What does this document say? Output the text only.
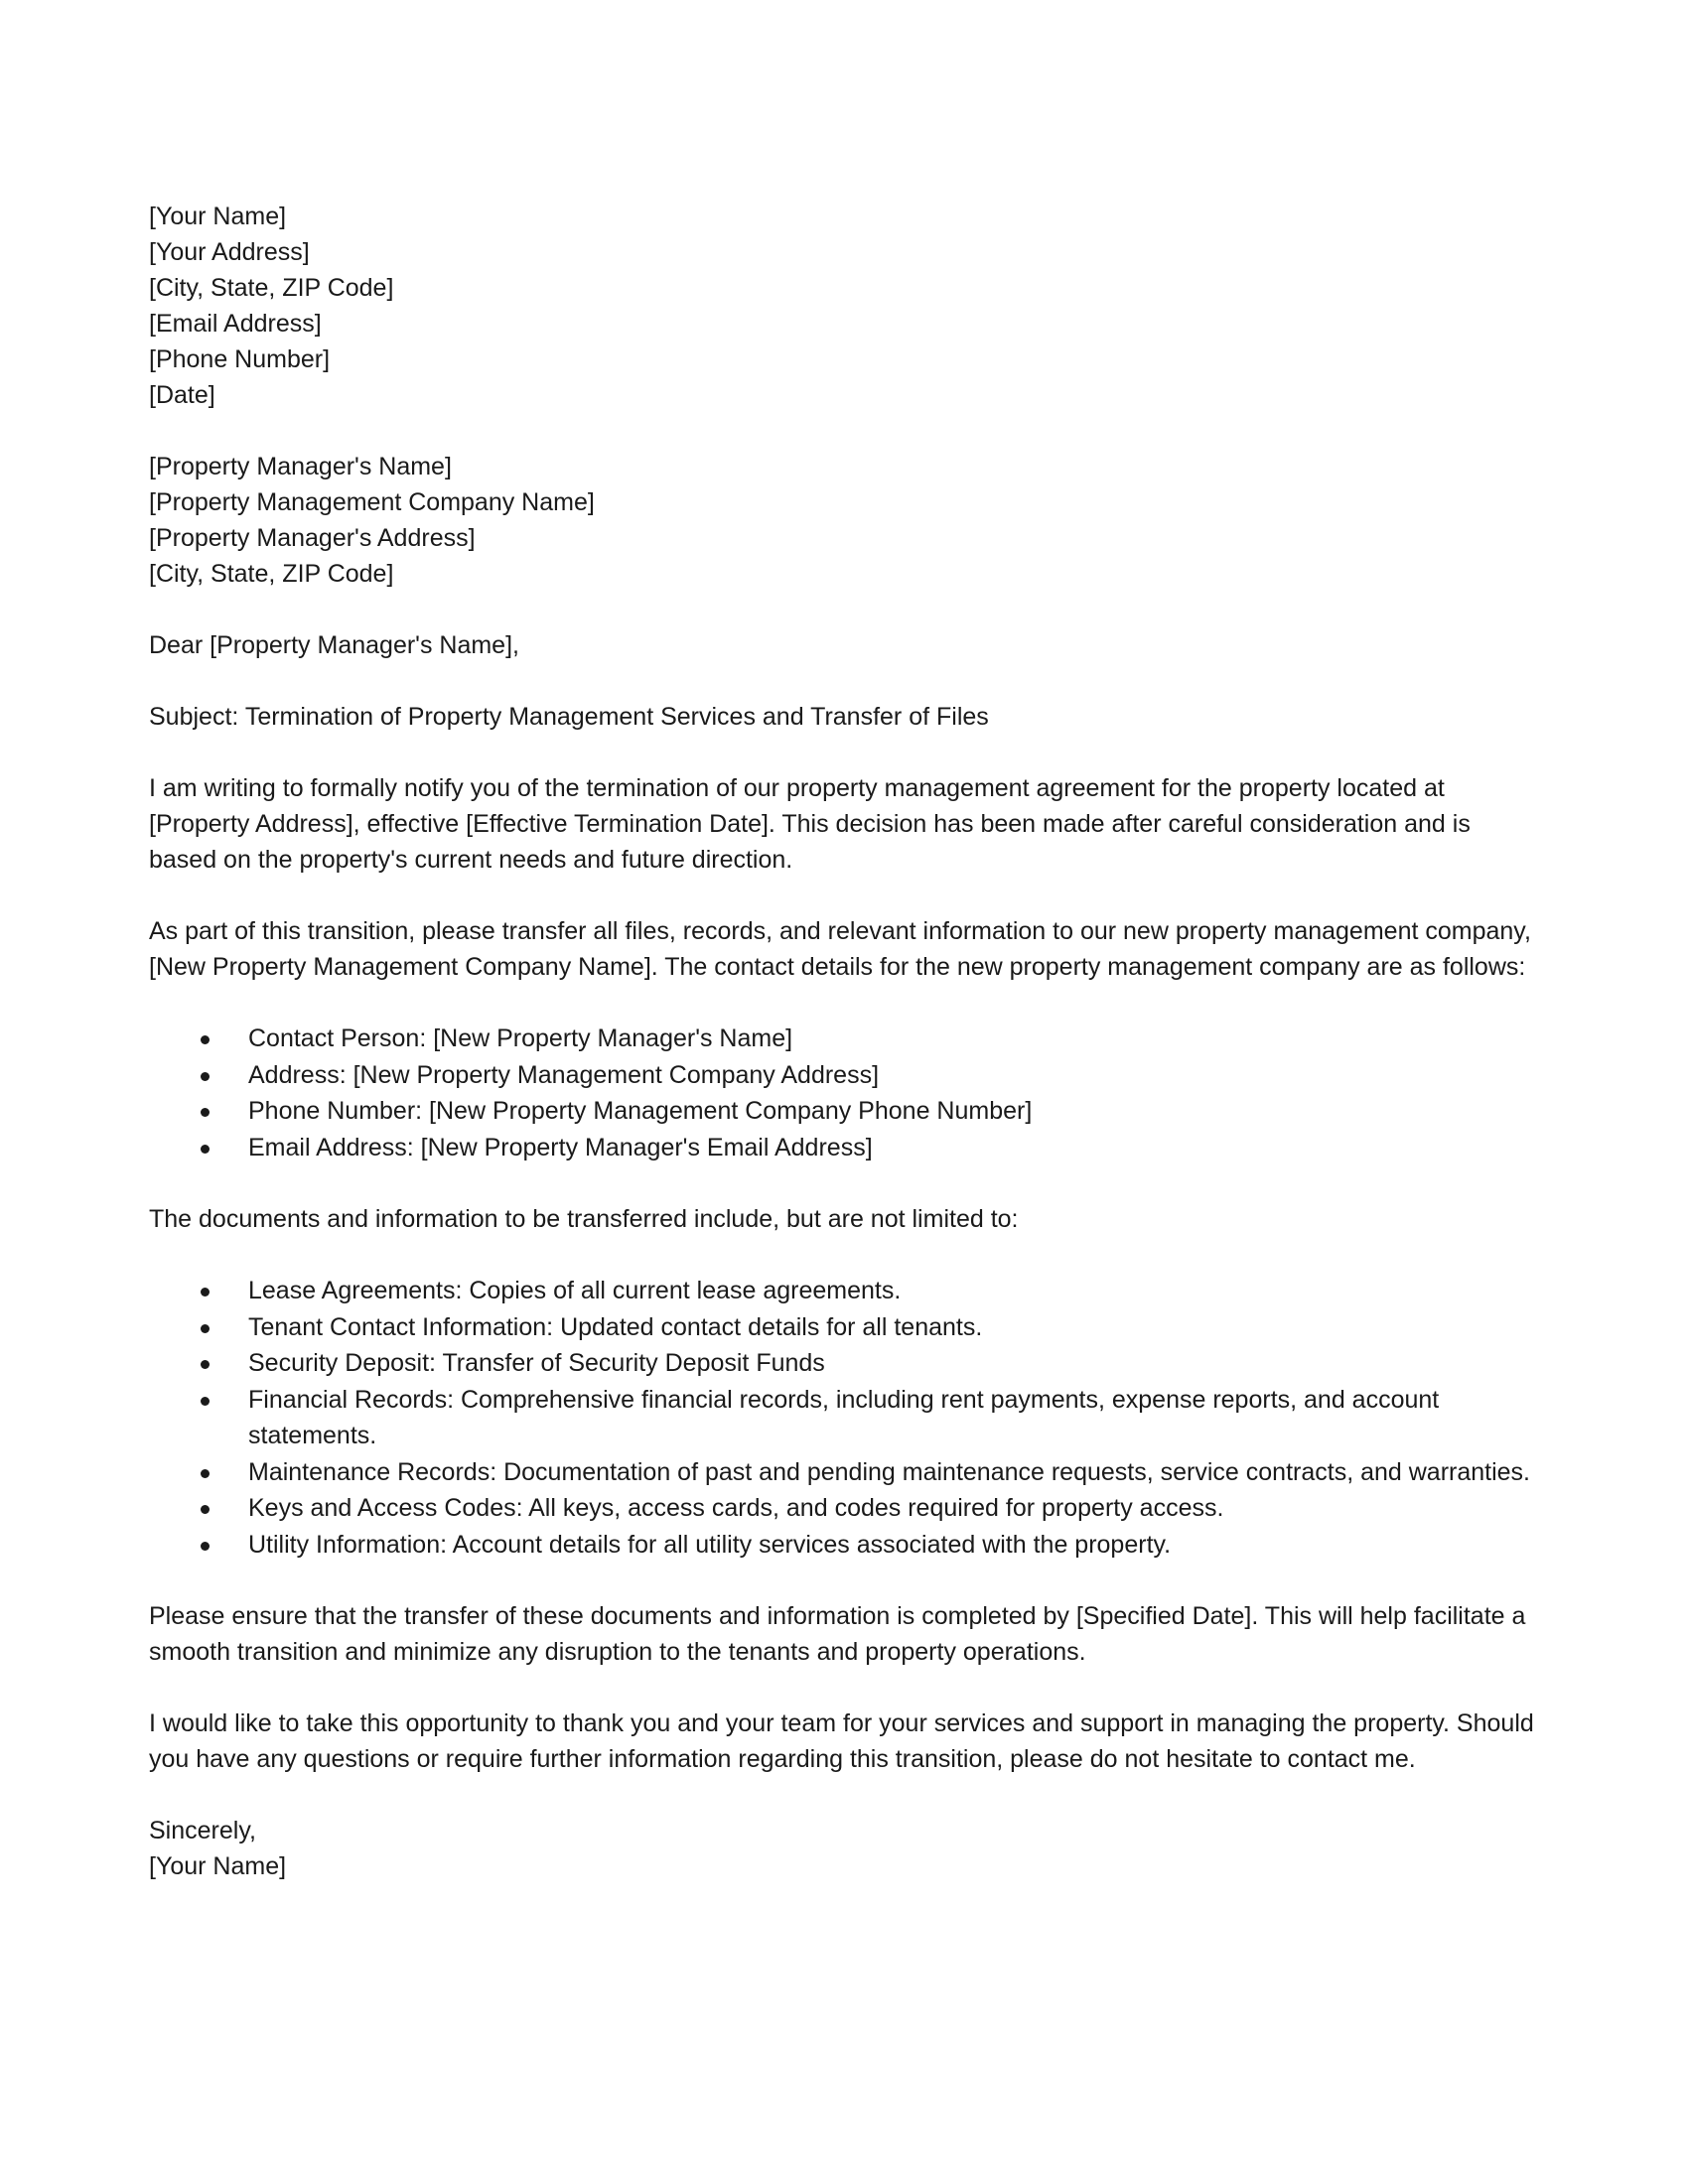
[Your Name]
[Your Address]
[City, State, ZIP Code]
[Email Address]
[Phone Number]
[Date]
[Property Manager's Name]
[Property Management Company Name]
[Property Manager's Address]
[City, State, ZIP Code]

Dear [Property Manager's Name],

Subject: Termination of Property Management Services and Transfer of Files

I am writing to formally notify you of the termination of our property management agreement for the property located at [Property Address], effective [Effective Termination Date]. This decision has been made after careful consideration and is based on the property's current needs and future direction.

As part of this transition, please transfer all files, records, and relevant information to our new property management company, [New Property Management Company Name]. The contact details for the new property management company are as follows:

Contact Person: [New Property Manager's Name]
Address: [New Property Management Company Address]
Phone Number: [New Property Management Company Phone Number]
Email Address: [New Property Manager's Email Address]

The documents and information to be transferred include, but are not limited to:

Lease Agreements: Copies of all current lease agreements.
Tenant Contact Information: Updated contact details for all tenants.
Security Deposit: Transfer of Security Deposit Funds
Financial Records: Comprehensive financial records, including rent payments, expense reports, and account statements.
Maintenance Records: Documentation of past and pending maintenance requests, service contracts, and warranties.
Keys and Access Codes: All keys, access cards, and codes required for property access.
Utility Information: Account details for all utility services associated with the property.

Please ensure that the transfer of these documents and information is completed by [Specified Date]. This will help facilitate a smooth transition and minimize any disruption to the tenants and property operations.

I would like to take this opportunity to thank you and your team for your services and support in managing the property. Should you have any questions or require further information regarding this transition, please do not hesitate to contact me.

Sincerely,
[Your Name]
